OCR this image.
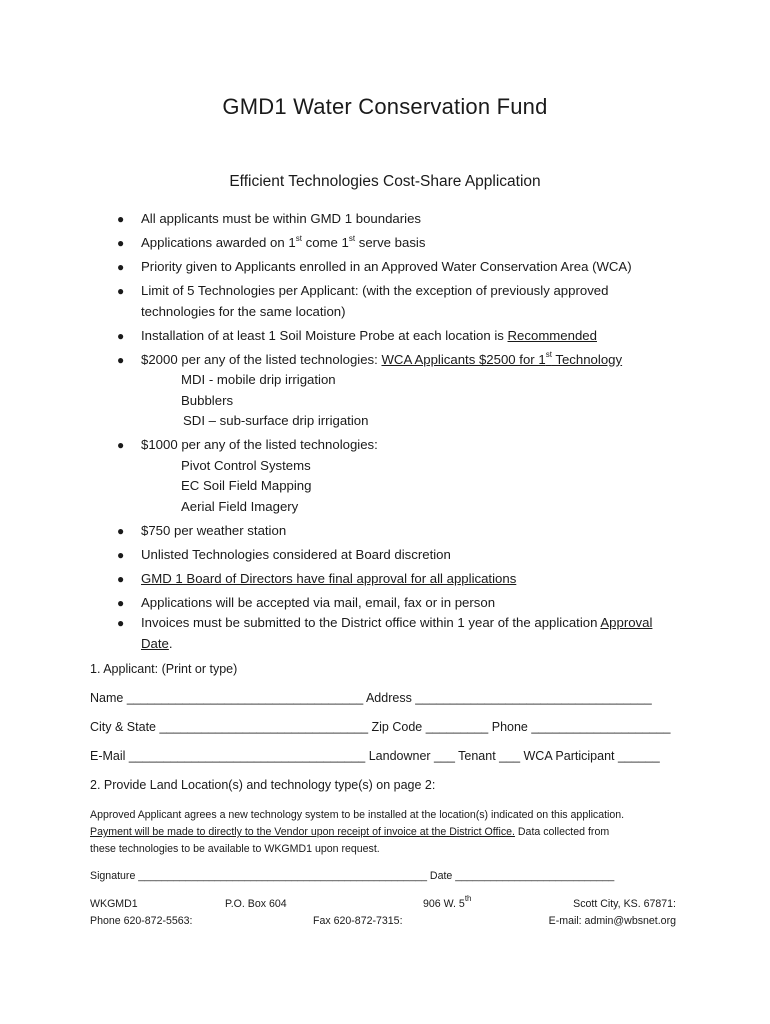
GMD1 Water Conservation Fund
Efficient Technologies Cost-Share Application
● All applicants must be within GMD 1 boundaries
● Applications awarded on 1st come 1st serve basis
● Priority given to Applicants enrolled in an Approved Water Conservation Area (WCA)
● Limit of 5 Technologies per Applicant: (with the exception of previously approved technologies for the same location)
● Installation of at least 1 Soil Moisture Probe at each location is Recommended
● $2000 per any of the listed technologies: WCA Applicants $2500 for 1st Technology
MDI - mobile drip irrigation
Bubblers
SDI – sub-surface drip irrigation
● $1000 per any of the listed technologies:
Pivot Control Systems
EC Soil Field Mapping
Aerial Field Imagery
● $750 per weather station
● Unlisted Technologies considered at Board discretion
● GMD 1 Board of Directors have final approval for all applications
● Applications will be accepted via mail, email, fax or in person
● Invoices must be submitted to the District office within 1 year of the application Approval Date.
1. Applicant: (Print or type)
Name __________________________________ Address __________________________________
City & State ______________________________ Zip Code _________ Phone ____________________
E-Mail __________________________________ Landowner ___ Tenant ___ WCA Participant ______
2. Provide Land Location(s) and technology type(s) on page 2:
Approved Applicant agrees a new technology system to be installed at the location(s) indicated on this application.
Payment will be made to directly to the Vendor upon receipt of invoice at the District Office. Data collected from
these technologies to be available to WKGMD1 upon request.
Signature _________________________________________________ Date ___________________________
WKGMD1	P.O. Box 604	906 W. 5th	Scott City, KS. 67871:
Phone 620-872-5563:	Fax 620-872-7315:	E-mail: admin@wbsnet.org
